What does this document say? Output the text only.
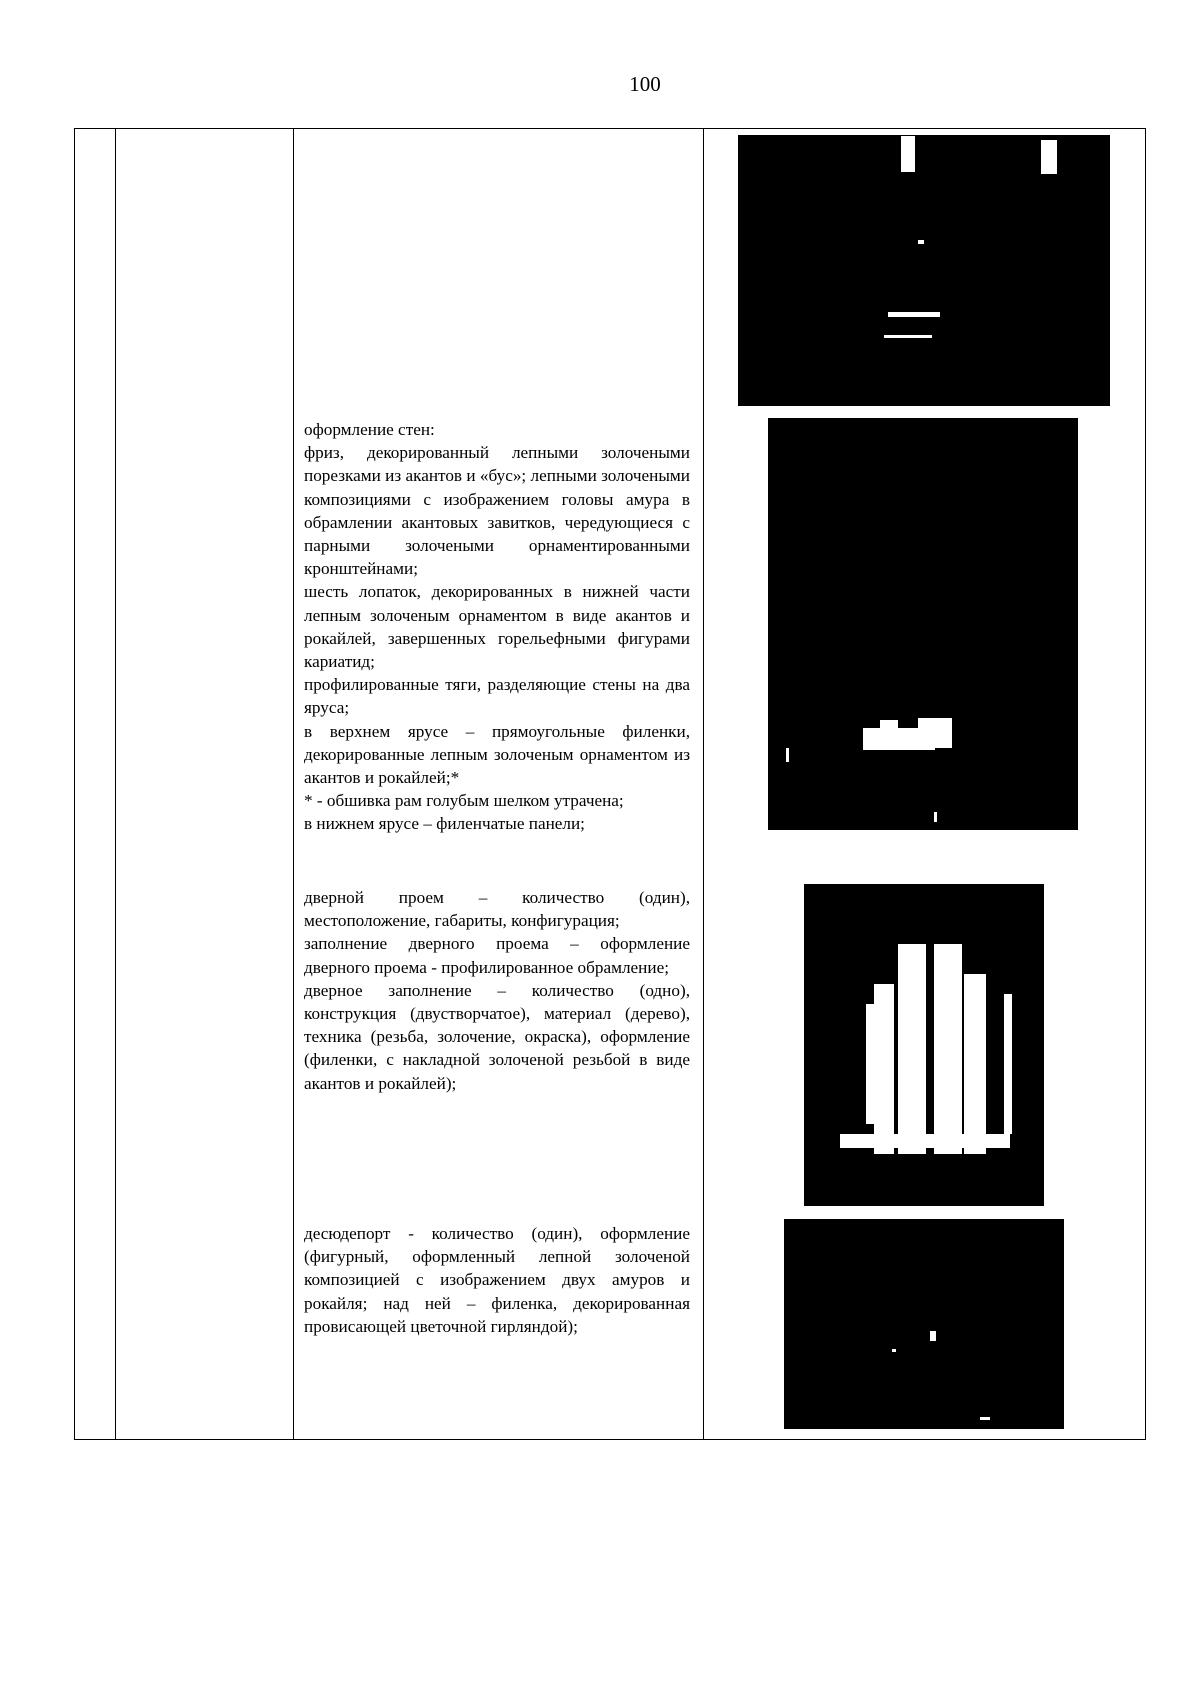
100

оформление стен:

фриз, декорированный лепными золочеными порезками из акантов и «бус»; лепными золочеными композициями с изображением головы амура в обрамлении акантовых завитков, чередующиеся с парными золочеными орнаментированными кронштейнами;

шесть лопаток, декорированных в нижней части лепным золоченым орнаментом в виде акантов и рокайлей, завершенных горельефными фигурами кариатид;

профилированные тяги, разделяющие стены на два яруса;

в верхнем ярусе – прямоугольные филенки, декорированные лепным золоченым орнаментом из акантов и рокайлей;*

* - обшивка рам голубым шелком утрачена;

в нижнем ярусе – филенчатые панели;

дверной проем – количество (один), местоположение, габариты, конфигурация;

заполнение дверного проема – оформление дверного проема - профилированное обрамление;

дверное заполнение – количество (одно), конструкция (двустворчатое), материал (дерево), техника (резьба, золочение, окраска), оформление (филенки, с накладной золоченой резьбой в виде акантов и рокайлей);

десюдепорт - количество (один), оформление (фигурный, оформленный лепной золоченой композицией с изображением двух амуров и рокайля; над ней – филенка, декорированная провисающей цветочной гирляндой);
